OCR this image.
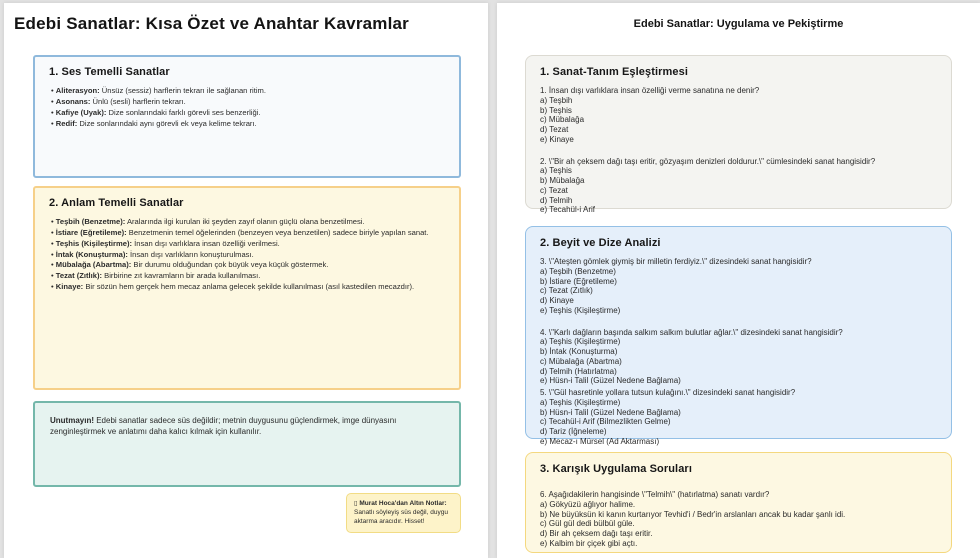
Edebi Sanatlar: Kısa Özet ve Anahtar Kavramlar
1. Ses Temelli Sanatlar
• Aliterasyon: Ünsüz (sessiz) harflerin tekrarı ile sağlanan ritim.
• Asonans: Ünlü (sesli) harflerin tekrarı.
• Kafiye (Uyak): Dize sonlarındaki farklı görevli ses benzerliği.
• Redif: Dize sonlarındaki aynı görevli ek veya kelime tekrarı.
2. Anlam Temelli Sanatlar
• Teşbih (Benzetme): Aralarında ilgi kurulan iki şeyden zayıf olanın güçlü olana benzetilmesi.
• İstiare (Eğretileme): Benzetmenin temel öğelerinden (benzeyen veya benzetilen) sadece biriyle yapılan sanat.
• Teşhis (Kişileştirme): İnsan dışı varlıklara insan özelliği verilmesi.
• İntak (Konuşturma): İnsan dışı varlıkların konuşturulması.
• Mübalağa (Abartma): Bir durumu olduğundan çok büyük veya küçük göstermek.
• Tezat (Zıtlık): Birbirine zıt kavramların bir arada kullanılması.
• Kinaye: Bir sözün hem gerçek hem mecaz anlama gelecek şekilde kullanılması (asıl kastedilen mecazdır).
Unutmayın! Edebi sanatlar sadece süs değildir; metnin duygusunu güçlendirmek, imge dünyasını zenginleştirmek ve anlatımı daha kalıcı kılmak için kullanılır.
▯ Murat Hoca'dan Altın Notlar:
Sanatlı söyleyiş süs değil, duygu aktarma aracıdır. Hisset!
Edebi Sanatlar: Uygulama ve Pekiştirme
1. Sanat-Tanım Eşleştirmesi
1. İnsan dışı varlıklara insan özelliği verme sanatına ne denir?
a) Teşbih
b) Teşhis
c) Mübalağa
d) Tezat
e) Kinaye
2. \"Bir ah çeksem dağı taşı eritir, gözyaşım denizleri doldurur.\" cümlesindeki sanat hangisidir?
a) Teşhis
b) Mübalağa
c) Tezat
d) Telmih
e) Tecahül-i Arif
2. Beyit ve Dize Analizi
3. \"Ateşten gömlek giymiş bir milletin ferdiyiz.\" dizesindeki sanat hangisidir?
a) Teşbih (Benzetme)
b) İstiare (Eğretileme)
c) Tezat (Zıtlık)
d) Kinaye
e) Teşhis (Kişileştirme)
4. \"Karlı dağların başında salkım salkım bulutlar ağlar.\" dizesindeki sanat hangisidir?
a) Teşhis (Kişileştirme)
b) İntak (Konuşturma)
c) Mübalağa (Abartma)
d) Telmih (Hatırlatma)
e) Hüsn-i Talil (Güzel Nedene Bağlama)
5. \"Gül hasretinle yollara tutsun kulağını.\" dizesindeki sanat hangisidir?
a) Teşhis (Kişileştirme)
b) Hüsn-i Talil (Güzel Nedene Bağlama)
c) Tecahül-i Arif (Bilmezlikten Gelme)
d) Tariz (İğneleme)
e) Mecaz-ı Mürsel (Ad Aktarması)
3. Karışık Uygulama Soruları
6. Aşağıdakilerin hangisinde \"Telmih\" (hatırlatma) sanatı vardır?
a) Gökyüzü ağlıyor halime.
b) Ne büyüksün ki kanın kurtarıyor Tevhid'i / Bedr'in arslanları ancak bu kadar şanlı idi.
c) Gül gül dedi bülbül güle.
d) Bir ah çeksem dağı taşı eritir.
e) Kalbim bir çiçek gibi açtı.
